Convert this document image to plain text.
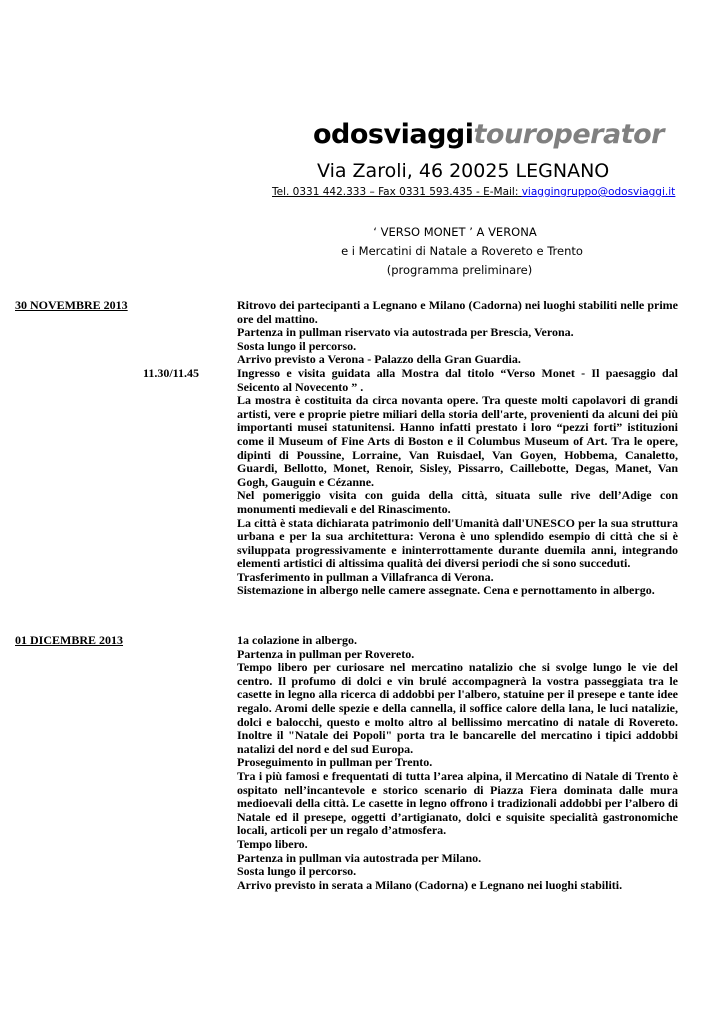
odosviaggitouroperator
Via Zaroli, 46 20025 LEGNANO
Tel. 0331 442.333 – Fax 0331 593.435 - E-Mail: viaggingruppo@odosviaggi.it
‘ VERSO MONET ’ A VERONA
e i Mercatini di Natale a Rovereto e Trento
(programma preliminare)
30 NOVEMBRE 2013
11.30/11.45

Ritrovo dei partecipanti a Legnano e Milano (Cadorna) nei luoghi stabiliti nelle prime ore del mattino.

Partenza in pullman riservato via autostrada per Brescia, Verona.

Sosta lungo il percorso.

Arrivo previsto a Verona - Palazzo della Gran Guardia.

Ingresso e visita guidata alla Mostra dal titolo “Verso Monet - Il paesaggio dal Seicento al Novecento ” .

La mostra è costituita da circa novanta opere. Tra queste molti capolavori di grandi artisti, vere e proprie pietre miliari della storia dell'arte, provenienti da alcuni dei più importanti musei statunitensi. Hanno infatti prestato i loro “pezzi forti” istituzioni come il Museum of Fine Arts di Boston e il Columbus Museum of Art. Tra le opere, dipinti di Poussine, Lorraine, Van Ruisdael, Van Goyen, Hobbema, Canaletto, Guardi, Bellotto, Monet, Renoir, Sisley, Pissarro, Caillebotte, Degas, Manet, Van Gogh, Gauguin e Cézanne.

Nel pomeriggio visita con guida della città, situata sulle rive dell’Adige con monumenti medievali e del Rinascimento.

La città è stata dichiarata patrimonio dell'Umanità dall'UNESCO per la sua struttura urbana e per la sua architettura: Verona è uno splendido esempio di città che si è sviluppata progressivamente e ininterrottamente durante duemila anni, integrando elementi artistici di altissima qualità dei diversi periodi che si sono succeduti.

Trasferimento in pullman a Villafranca di Verona.

Sistemazione in albergo nelle camere assegnate. Cena e pernottamento in albergo.

01 DICEMBRE 2013	1a colazione in albergo.

Partenza in pullman per Rovereto.

Tempo libero per curiosare nel mercatino natalizio che si svolge lungo le vie del centro. Il profumo di dolci e vin brulé accompagnerà la vostra passeggiata tra le casette in legno alla ricerca di addobbi per l'albero, statuine per il presepe e tante idee regalo. Aromi delle spezie e della cannella, il soffice calore della lana, le luci natalizie, dolci e balocchi, questo e molto altro al bellissimo mercatino di natale di Rovereto. Inoltre il "Natale dei Popoli" porta tra le bancarelle del mercatino i tipici addobbi natalizi del nord e del sud Europa.

Proseguimento in pullman per Trento.

Tra i più famosi e frequentati di tutta l’area alpina, il Mercatino di Natale di Trento è ospitato nell’incantevole e storico scenario di Piazza Fiera dominata dalle mura medioevali della città. Le casette in legno offrono i tradizionali addobbi per l’albero di Natale ed il presepe, oggetti d’artigianato, dolci e squisite specialità gastronomiche locali, articoli per un regalo d’atmosfera.

Tempo libero.

Partenza in pullman via autostrada per Milano.

Sosta lungo il percorso.

Arrivo previsto in serata a Milano (Cadorna) e Legnano nei luoghi stabiliti.
